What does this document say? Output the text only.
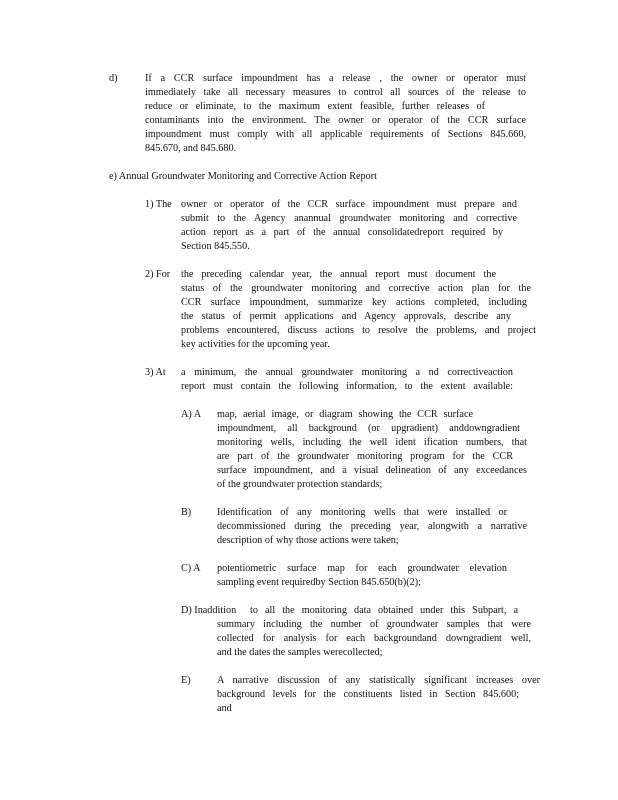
d)	If a CCR surface impoundment has a release , the owner or operator must
immediately take all necessary measures to control all sources of the release to
reduce or eliminate, to the maximum extent feasible, further releases of
contaminants into the environment. The owner or operator of the CCR surface
impoundment must comply with all applicable requirements of Sections 845.660,
845.670, and 845.680.
e) Annual Groundwater Monitoring and Corrective Action Report
1) The owner or operator of the CCR surface impoundment must prepare and
submit to the Agency anannual groundwater monitoring and corrective
action report as a part of the annual consolidatedreport required by
Section 845.550.
2) For the preceding calendar year, the annual report must document the
status of the groundwater monitoring and corrective action plan for the
CCR surface impoundment, summarize key actions completed, including
the status of permit applications and Agency approvals, describe any
problems encountered, discuss actions to resolve the problems, and project
key activities for the upcoming year.
3) At a minimum, the annual groundwater monitoring a nd correctiveaction
report must contain the following information, to the extent available:
A) A map, aerial image, or diagram showing the CCR surface
impoundment, all background (or upgradient) anddowngradient
monitoring wells, including the well ident ification numbers, that
are part of the groundwater monitoring program for the CCR
surface impoundment, and a visual delineation of any exceedances
of the groundwater protection standards;
B)	Identification of any monitoring wells that were installed or
decommissioned during the preceding year, alongwith a narrative
description of why those actions were taken;
C) A potentiometric surface map for each groundwater elevation
sampling event requiredby Section 845.650(b)(2);
D) Inaddition to all the monitoring data obtained under this Subpart, a
summary including the number of groundwater samples that were
collected for analysis for each backgroundand downgradient well,
and the dates the samples werecollected;
E)	A narrative discussion of any statistically significant increases over
background levels for the constituents listed in Section 845.600;
and
